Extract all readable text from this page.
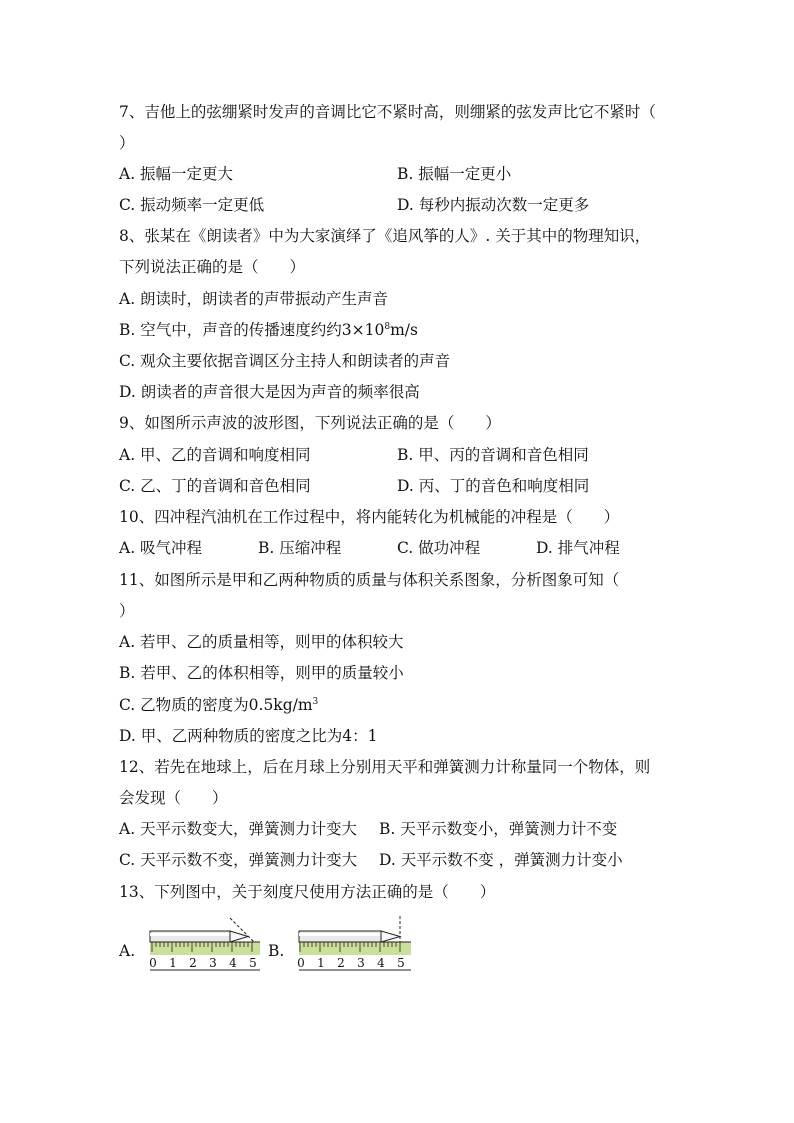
7、吉他上的弦绷紧时发声的音调比它不紧时高，则绷紧的弦发声比它不紧时（
）
A. 振幅一定更大	B. 振幅一定更小
C. 振动频率一定更低	D. 每秒内振动次数一定更多
8、张某在《朗读者》中为大家演绎了《追风筝的人》. 关于其中的物理知识，
下列说法正确的是（　　）
A. 朗读时，朗读者的声带振动产生声音
B. 空气中，声音的传播速度约约$3\times 10^8m/s$
C. 观众主要依据音调区分主持人和朗读者的声音
D. 朗读者的声音很大是因为声音的频率很高
9、如图所示声波的波形图，下列说法正确的是（　　）
A. 甲、乙的音调和响度相同	B. 甲、丙的音调和音色相同
C. 乙、丁的音调和音色相同	D. 丙、丁的音色和响度相同
10、四冲程汽油机在工作过程中，将内能转化为机械能的冲程是（　　）
A. 吸气冲程	B. 压缩冲程	C. 做功冲程	D. 排气冲程
11、如图所示是甲和乙两种物质的质量与体积关系图象，分析图象可知（
）
A. 若甲、乙的质量相等，则甲的体积较大
B. 若甲、乙的体积相等，则甲的质量较小
C. 乙物质的密度为$0.5kg/m^3$
D. 甲、乙两种物质的密度之比为4：1
12、若先在地球上，后在月球上分别用天平和弹簧测力计称量同一个物体，则
会发现（　　）
A. 天平示数变大，弹簧测力计变大 B. 天平示数变小，弹簧测力计不变
C. 天平示数不变，弹簧测力计变大 D. 天平示数不变 ，弹簧测力计变小
13、下列图中，关于刻度尺使用方法正确的是（　　）
A.	B.
0 1 2 3 4 5	0 1 2 3 4 5
